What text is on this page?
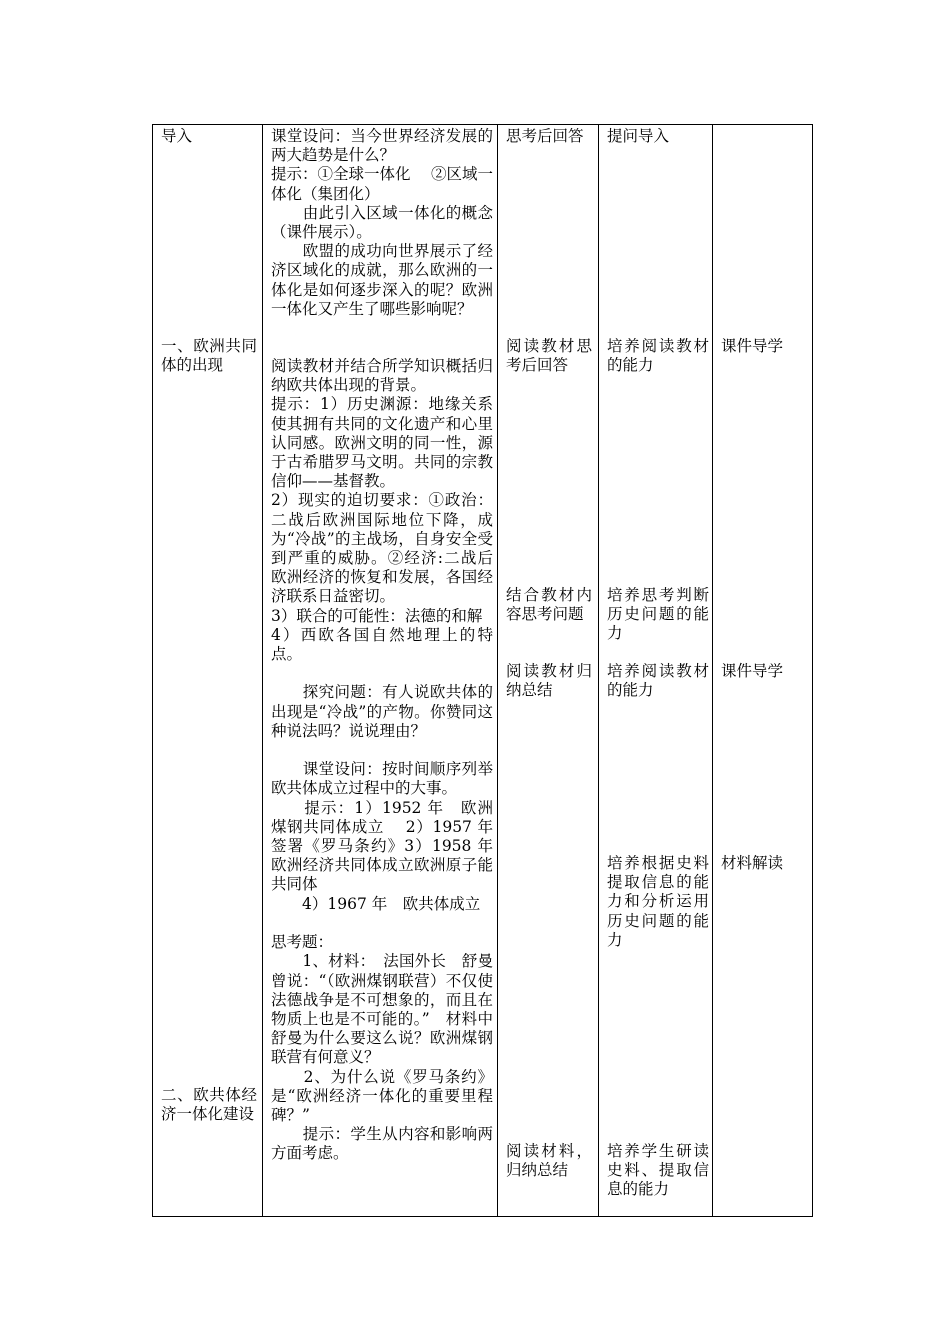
导入
一、欧洲共同体的出现
二、欧共体经济一体化建设
课堂设问：当今世界经济发展的两大趋势是什么？
提示：①全球一体化　 ②区域一体化（集团化）
　　由此引入区域一体化的概念（课件展示）。
　　欧盟的成功向世界展示了经济区域化的成就，那么欧洲的一体化是如何逐步深入的呢？欧洲一体化又产生了哪些影响呢？
阅读教材并结合所学知识概括归纳欧共体出现的背景。
提示：1）历史渊源：地缘关系使其拥有共同的文化遗产和心里认同感。欧洲文明的同一性，源于古希腊罗马文明。共同的宗教信仰——基督教。
2）现实的迫切要求：①政治：二战后欧洲国际地位下降，成为“冷战”的主战场，自身安全受到严重的威胁。②经济:二战后欧洲经济的恢复和发展，各国经济联系日益密切。
3）联合的可能性：法德的和解
4）西欧各国自然地理上的特点。

　　探究问题：有人说欧共体的出现是“冷战”的产物。你赞同这种说法吗？说说理由？

　　课堂设问：按时间顺序列举欧共体成立过程中的大事。
　　提示：1）1952 年　欧洲煤钢共同体成立　 2）1957 年签署《罗马条约》3）1958 年　 欧洲经济共同体成立欧洲原子能共同体
　　4）1967 年　欧共体成立

思考题：
　　1、材料：　法国外长　舒曼曾说：“（欧洲煤钢联营）不仅使法德战争是不可想象的，而且在物质上也是不可能的。”　材料中舒曼为什么要这么说？欧洲煤钢联营有何意义？
　　2、为什么说《罗马条约》是“欧洲经济一体化的重要里程碑？”
　　提示：学生从内容和影响两方面考虑。
思考后回答
阅读教材思考后回答
结合教材内容思考问题
阅读教材归纳总结
阅读材料，归纳总结
提问导入
培养阅读教材的能力
培养思考判断历史问题的能力
培养阅读教材的能力
培养根据史料提取信息的能力和分析运用历史问题的能力
培养学生研读史料、提取信息的能力
课件导学
课件导学
材料解读
